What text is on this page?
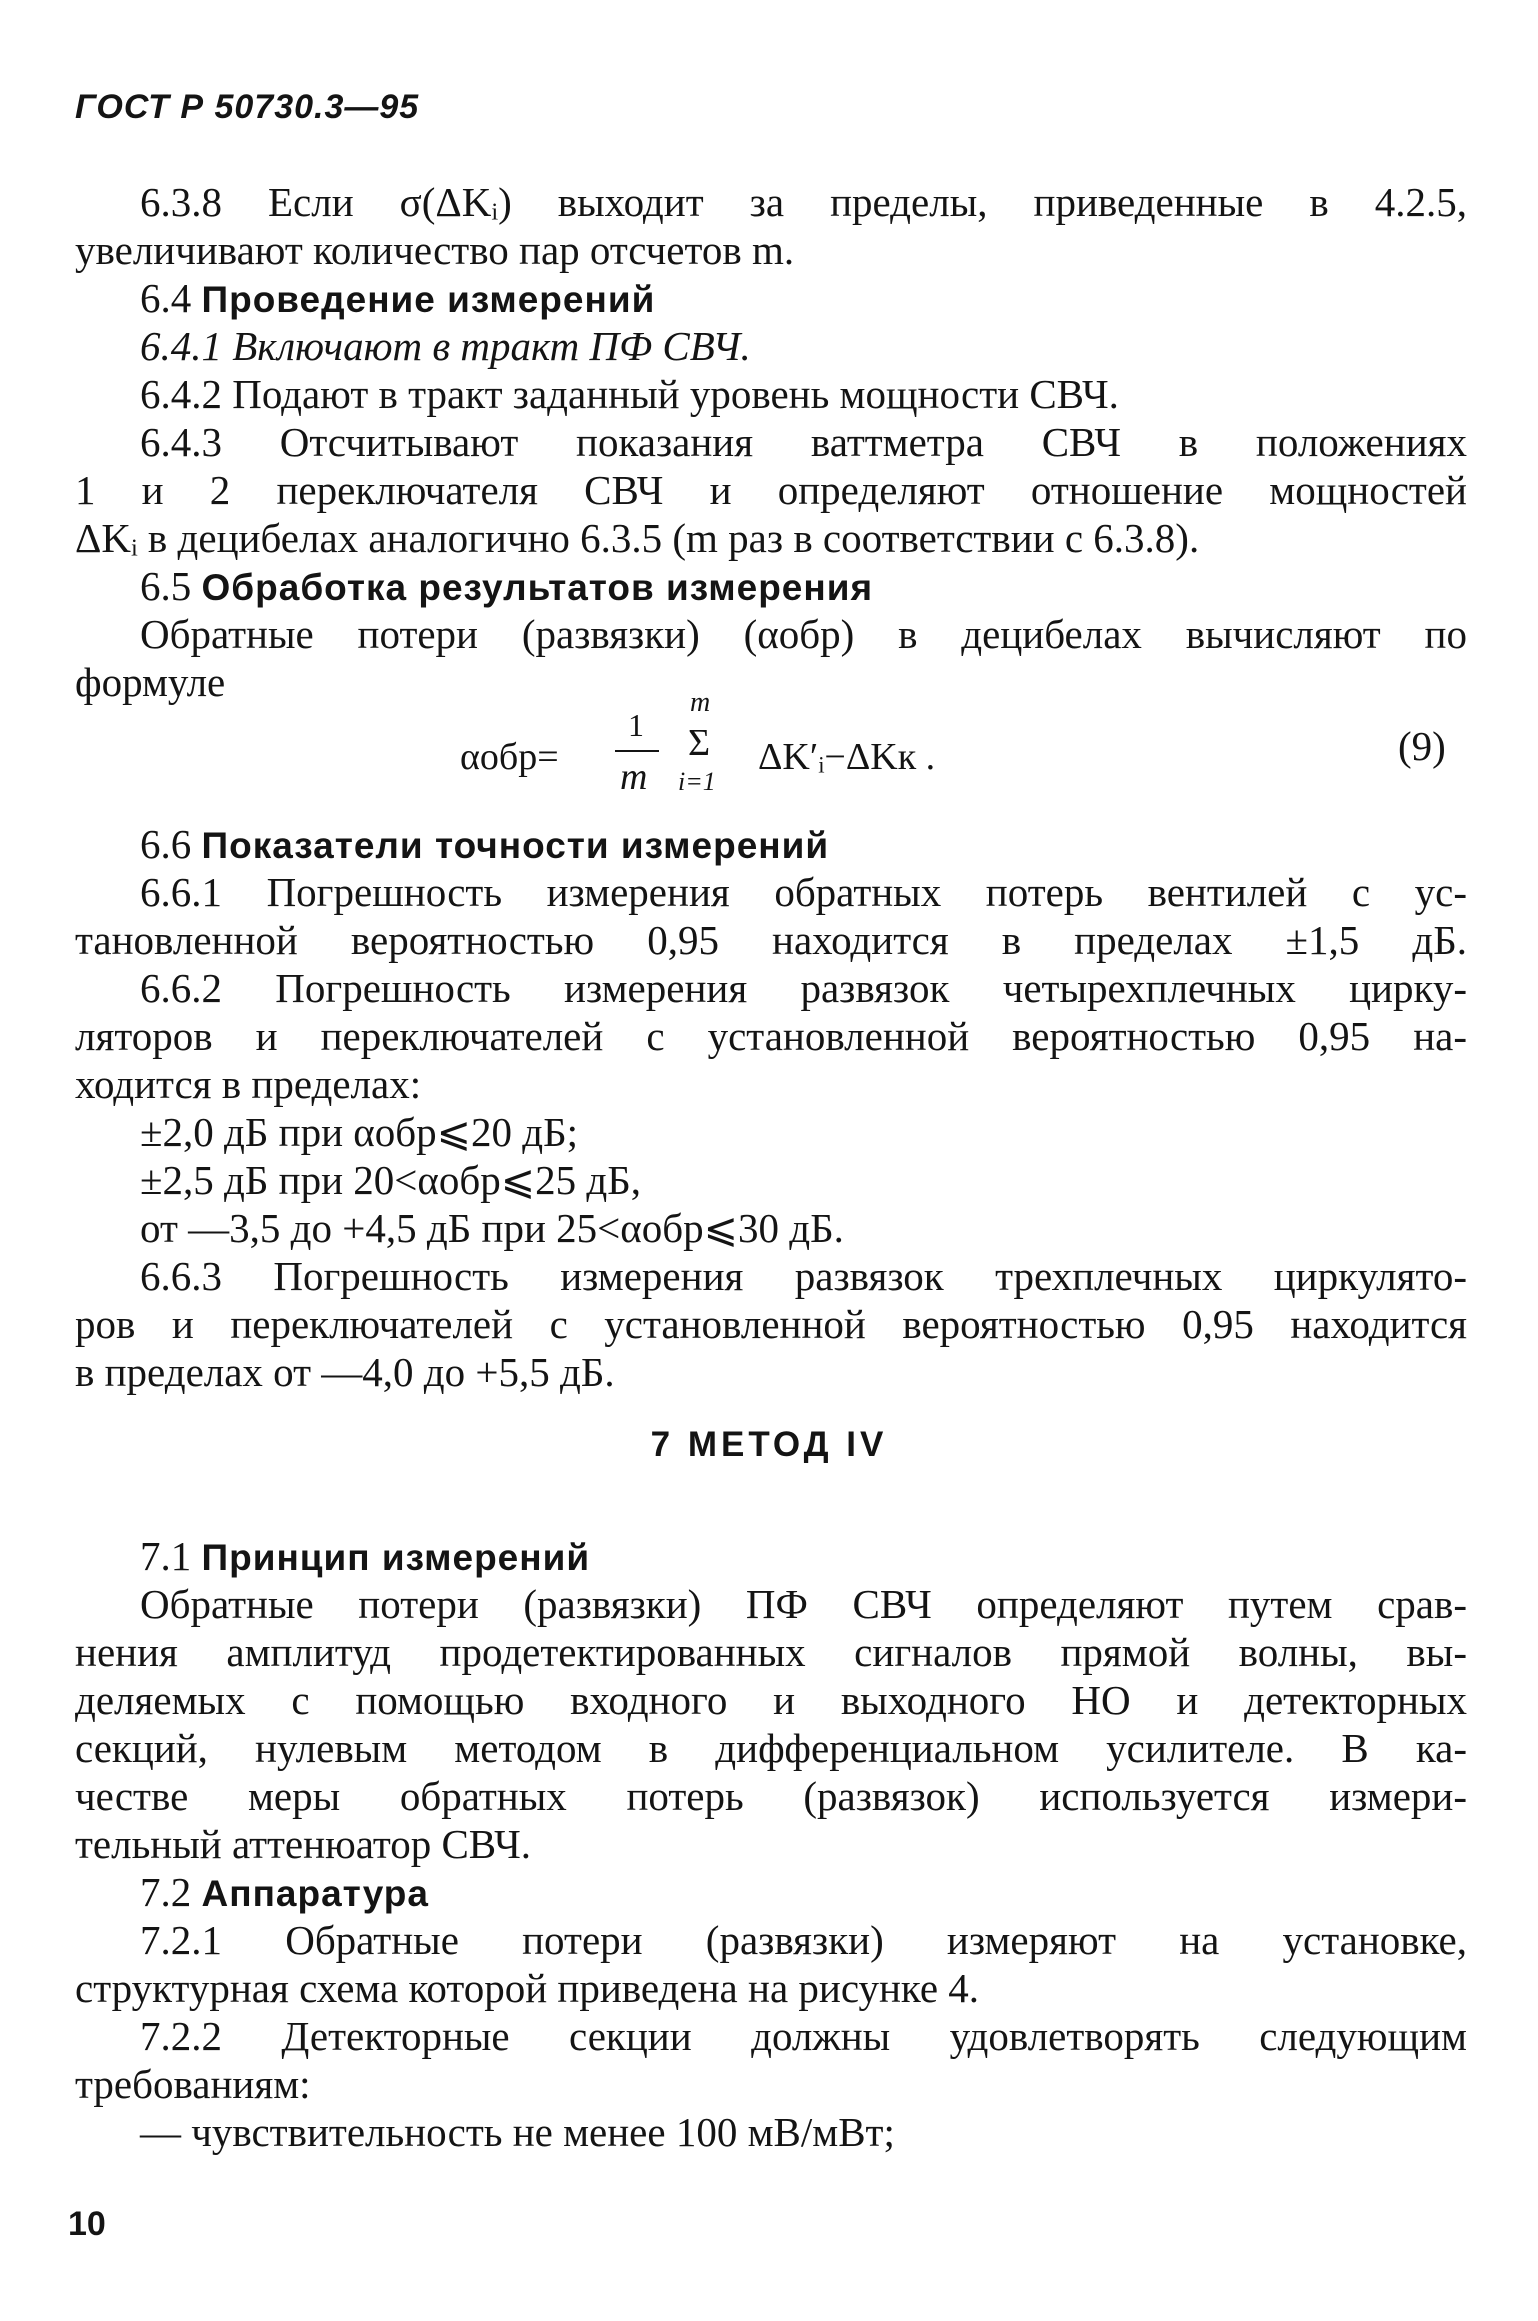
ГОСТ Р 50730.3—95
6.3.8 Если σ(ΔKᵢ) выходит за пределы, приведенные в 4.2.5,
увеличивают количество пар отсчетов m.
6.4 Проведение измерений
6.4.1 Включают в тракт ПФ СВЧ.
6.4.2 Подают в тракт заданный уровень мощности СВЧ.
6.4.3 Отсчитывают показания ваттметра СВЧ в положениях
1 и 2 переключателя СВЧ и определяют отношение мощностей
ΔKᵢ в децибелах аналогично 6.3.5 (m раз в соответствии с 6.3.8).
6.5 Обработка результатов измерения
Обратные потери (развязки) (αобр) в децибелах вычисляют по
формуле
αобр=
1
m
m
Σ
i=1
ΔK′ᵢ−ΔKк .	(9)
6.6 Показатели точности измерений
6.6.1 Погрешность измерения обратных потерь вентилей с ус-
тановленной вероятностью 0,95 находится в пределах ±1,5 дБ.
6.6.2 Погрешность измерения развязок четырехплечных цирку-
ляторов и переключателей с установленной вероятностью 0,95 на-
ходится в пределах:
±2,0 дБ при αобр⩽20 дБ;
±2,5 дБ при 20<αобр⩽25 дБ,
от —3,5 до +4,5 дБ при 25<αобр⩽30 дБ.
6.6.3 Погрешность измерения развязок трехплечных циркулято-
ров и переключателей с установленной вероятностью 0,95 находится
в пределах от —4,0 до +5,5 дБ.
7 МЕТОД IV
7.1 Принцип измерений
Обратные потери (развязки) ПФ СВЧ определяют путем срав-
нения амплитуд продетектированных сигналов прямой волны, вы-
деляемых с помощью входного и выходного НО и детекторных
секций, нулевым методом в дифференциальном усилителе. В ка-
честве меры обратных потерь (развязок) используется измери-
тельный аттенюатор СВЧ.
7.2 Аппаратура
7.2.1 Обратные потери (развязки) измеряют на установке,
структурная схема которой приведена на рисунке 4.
7.2.2 Детекторные секции должны удовлетворять следующим
требованиям:
— чувствительность не менее 100 мВ/мВт;
10
